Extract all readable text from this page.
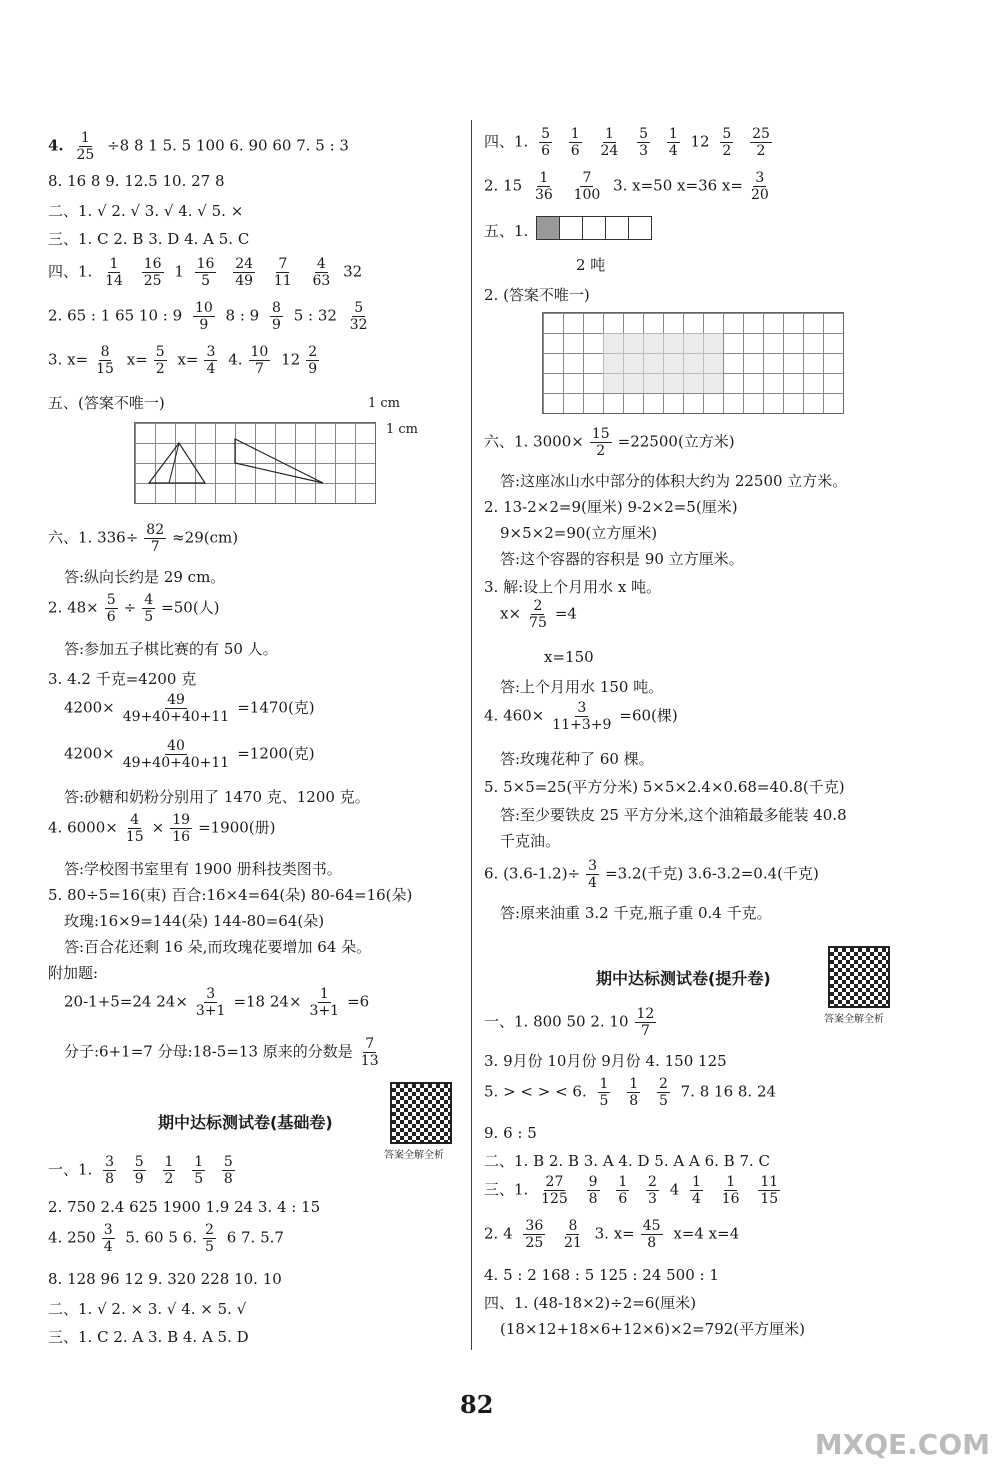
4. $\frac{1}{25} \div 8$ 8 1 5. 5 100 6. 90 60 7. 5 : 3
8. 16 8 9. 12.5 10. 27 8
二、1. √ 2. √ 3. √ 4. √ 5. ×
三、1. C 2. B 3. D 4. A 5. C
四、1. $\frac{1}{14}$
$\frac{16}{25} 1 \frac{16}{5}$
$\frac{24}{49}$
$\frac{7}{11}$
$\frac{4}{63} 32$
2. 65 : 1 65 10 : $9 \frac{10}{9} 8$ : $9 \frac{8}{9} 5$ : $32 \frac{5}{32}$
3. $x= \frac{8}{15} x= \frac{5}{2} x= \frac{3}{4} 4$. $\frac{10}{7} 12 \frac{2}{9}$
五、(答案不唯一)	1 cm
1 cm
六、1. $336\div \frac{82}{7} \approx 29(cm)$
答:纵向长约是 29 cm。
2. $48\times \frac{5}{6} \div \frac{4}{5} =50$(人)
答:参加五子棋比赛的有 50 人。
3. 4.2 千克=4200 克
$4200\times \frac{49}{49+40+40+11} =1470$(克)
$4200\times \frac{40}{49+40+40+11} =1200$(克)
答:砂糖和奶粉分别用了 1470 克、1200 克。
4. $6000\times \frac{4}{15} \times \frac{19}{16} =1900$(册)
答:学校图书室里有 1900 册科技类图书。
5. 80÷5=16(束) 百合:16×4=64(朵) 80-64=16(朵)
玫瑰:16×9=144(朵) 144-80=64(朵)
答:百合花还剩 16 朵,而玫瑰花要增加 64 朵。
附加题:
20-1+5=24 $24\times \frac{3}{3+1} =18$ $24\times \frac{1}{3+1} =6$
分子:6+1=7 分母:18-5=13 原来的分数是 $\frac{7}{13}$
期中达标测试卷(基础卷)
答案全解全析
一、1. $\frac{3}{8}$
$\frac{5}{9}$
$\frac{1}{2}$
$\frac{1}{5}$
$\frac{5}{8}$
2. 750 2.4 625 1900 1.9 24 3. 4 : 15
4. $250 \frac{3}{4} 5$. 60 5 6. $\frac{2}{5} 6$ 7. 5.7
8. 128 96 12 9. 320 228 10. 10
二、1. √ 2. × 3. √ 4. × 5. √
三、1. C 2. A 3. B 4. A 5. D
四、1. $\frac{5}{6}$
$\frac{1}{6}$
$\frac{1}{24}$
$\frac{5}{3}$
$\frac{1}{4} 12 \frac{5}{2}$
$\frac{25}{2}$
2. $15 \frac{1}{36}$
$\frac{7}{100} 3$. x=50 x=36 $x= \frac{3}{20}$
五、1.
2 吨
2. (答案不唯一)
六、1. $3000\times \frac{15}{2} =22500$(立方米)
答:这座冰山水中部分的体积大约为 22500 立方米。
2. 13-2×2=9(厘米) 9-2×2=5(厘米)
9×5×2=90(立方厘米)
答:这个容器的容积是 90 立方厘米。
3. 解:设上个月用水 x 吨。
$x\times \frac{2}{75} =4$
x=150
答:上个月用水 150 吨。
4. $460\times \frac{3}{11+3+9} =60$(棵)
答:玫瑰花种了 60 棵。
5. 5×5=25(平方分米) 5×5×2.4×0.68=40.8(千克)
答:至少要铁皮 25 平方分米,这个油箱最多能装 40.8
千克油。
6. $(3.6-1.2)\div \frac{3}{4} =3.2$(千克) 3.6-3.2=0.4(千克)
答:原来油重 3.2 千克,瓶子重 0.4 千克。
期中达标测试卷(提升卷)
答案全解全析
一、1. 800 50 2. $10 \frac{12}{7}$
3. 9月份 10月份 9月份 4. 150 125
5. > < > < 6. $\frac{1}{5}$
$\frac{1}{8}$
$\frac{2}{5} 7$. 8 16 8. 24
9. 6 : 5
二、1. B 2. B 3. A 4. D 5. A A 6. B 7. C
三、1. $\frac{27}{125}$
$\frac{9}{8}$
$\frac{1}{6}$
$\frac{2}{3} 4 \frac{1}{4}$
$\frac{1}{16}$
$\frac{11}{15}$
2. $4 \frac{36}{25}$
$\frac{8}{21} 3$. $x= \frac{45}{8} x=4$ x=4
4. 5 : 2 168 : 5 125 : 24 500 : 1
四、1. (48-18×2)÷2=6(厘米)
(18×12+18×6+12×6)×2=792(平方厘米)
82
MXQE.COM
